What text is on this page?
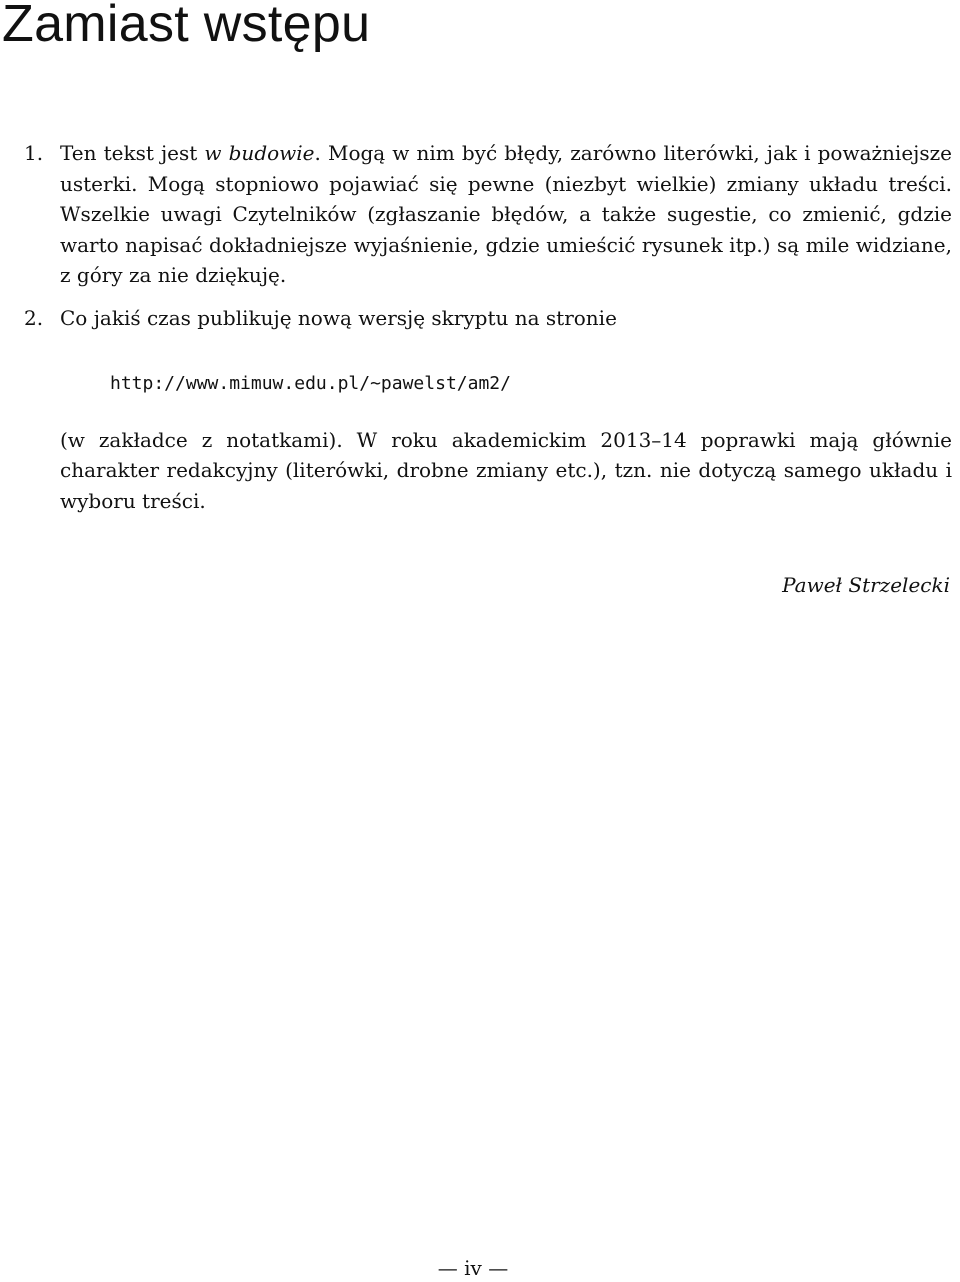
Zamiast wstępu
1. Ten tekst jest w budowie. Mogą w nim być błędy, zarówno literówki, jak i poważniejsze usterki. Mogą stopniowo pojawiać się pewne (niezbyt wielkie) zmiany układu treści. Wszelkie uwagi Czytelników (zgłaszanie błędów, a także sugestie, co zmienić, gdzie warto napisać dokładniejsze wyjaśnienie, gdzie umieścić rysunek itp.) są mile widziane, z góry za nie dziękuję.
2. Co jakiś czas publikuję nową wersję skryptu na stronie
http://www.mimuw.edu.pl/~pawelst/am2/
(w zakładce z notatkami). W roku akademickim 2013–14 poprawki mają głównie charakter redakcyjny (literówki, drobne zmiany etc.), tzn. nie dotyczą samego układu i wyboru treści.
Paweł Strzelecki
— iv —
